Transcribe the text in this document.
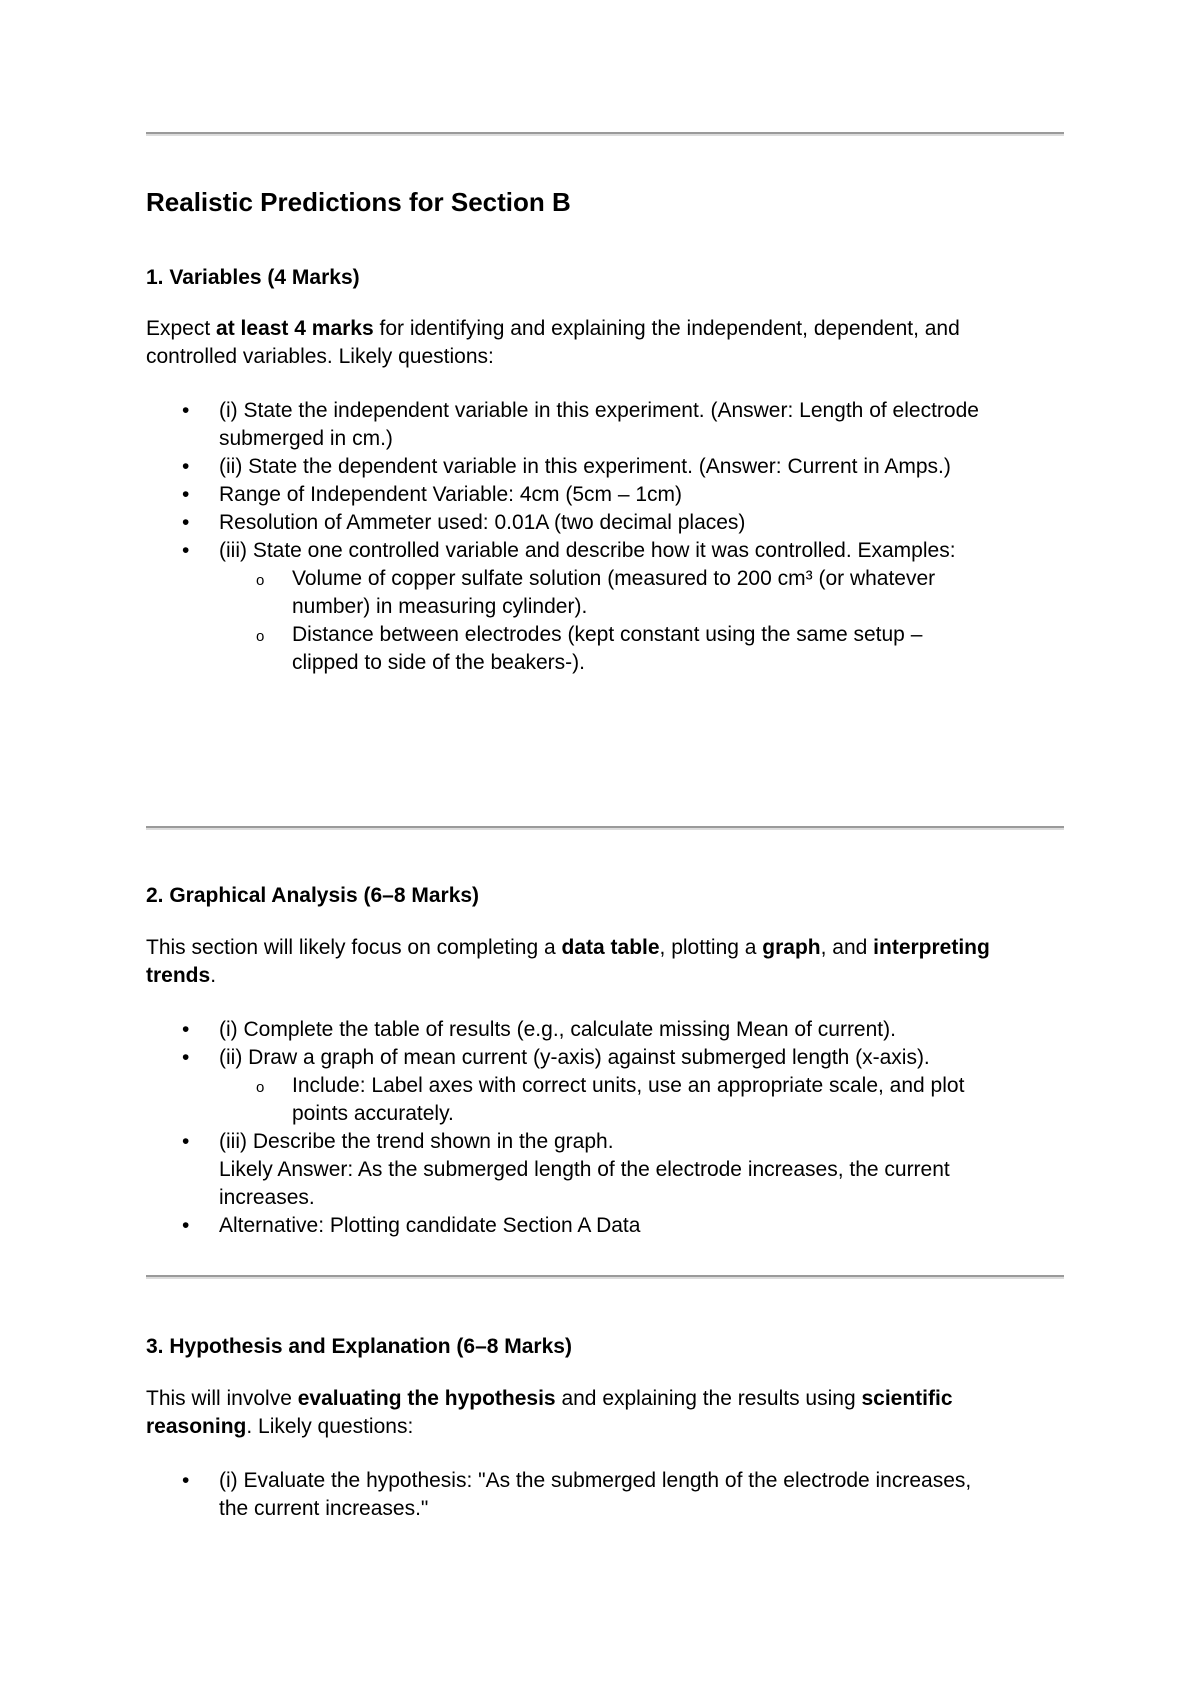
Realistic Predictions for Section B
1. Variables (4 Marks)

Expect at least 4 marks for identifying and explaining the independent, dependent, and controlled variables. Likely questions:

•	(i) State the independent variable in this experiment. (Answer: Length of electrode submerged in cm.)
•	(ii) State the dependent variable in this experiment. (Answer: Current in Amps.)
•	Range of Independent Variable: 4cm (5cm – 1cm)
•	Resolution of Ammeter used: 0.01A (two decimal places)
•	(iii) State one controlled variable and describe how it was controlled. Examples:
o Volume of copper sulfate solution (measured to 200 cm³ (or whatever number) in measuring cylinder).
o Distance between electrodes (kept constant using the same setup – clipped to side of the beakers-).
2. Graphical Analysis (6–8 Marks)

This section will likely focus on completing a data table, plotting a graph, and interpreting trends.

•	(i) Complete the table of results (e.g., calculate missing Mean of current).
•	(ii) Draw a graph of mean current (y-axis) against submerged length (x-axis).
o Include: Label axes with correct units, use an appropriate scale, and plot points accurately.
•	(iii) Describe the trend shown in the graph.
Likely Answer: As the submerged length of the electrode increases, the current increases.
•	Alternative: Plotting candidate Section A Data
3. Hypothesis and Explanation (6–8 Marks)

This will involve evaluating the hypothesis and explaining the results using scientific reasoning. Likely questions:

•	(i) Evaluate the hypothesis: "As the submerged length of the electrode increases, the current increases."
